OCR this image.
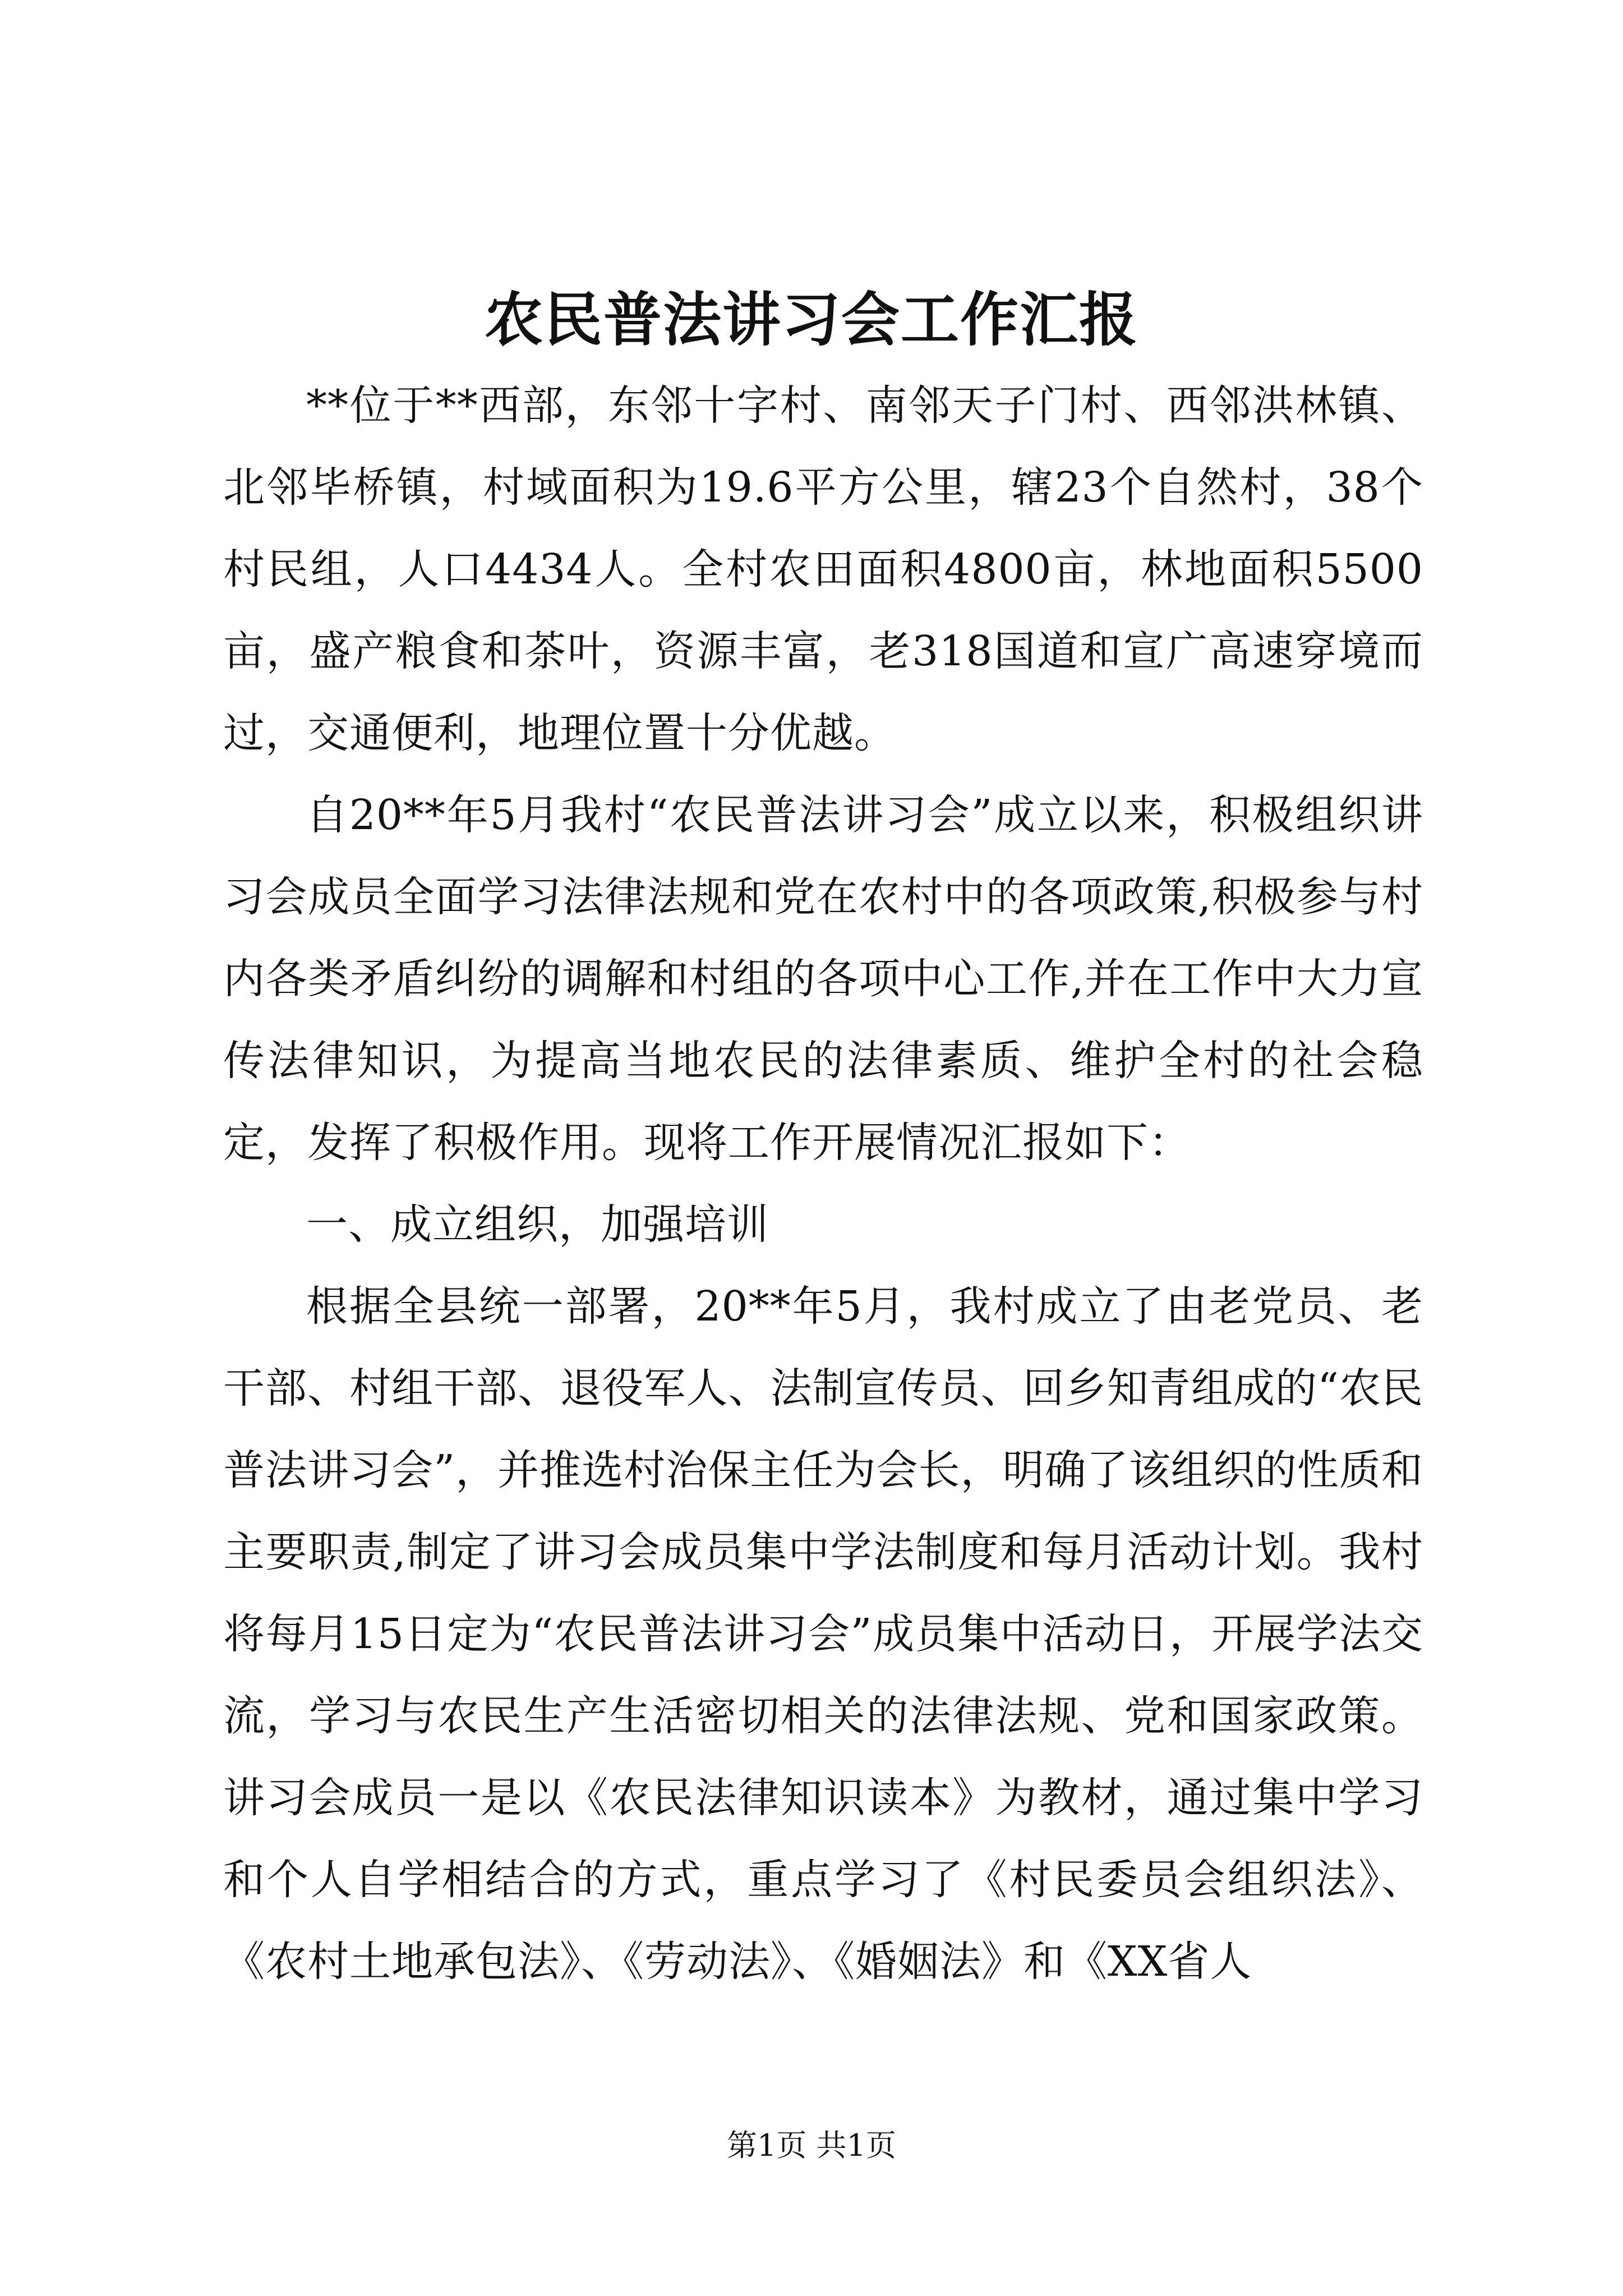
农民普法讲习会工作汇报

**位于**西部，东邻十字村、南邻天子门村、西邻洪林镇、北邻毕桥镇，村域面积为19.6平方公里，辖23个自然村，38个村民组，人口4434人。全村农田面积4800亩，林地面积5500亩，盛产粮食和茶叶，资源丰富，老318国道和宣广高速穿境而过，交通便利，地理位置十分优越。

自20**年5月我村“农民普法讲习会”成立以来，积极组织讲习会成员全面学习法律法规和党在农村中的各项政策,积极参与村内各类矛盾纠纷的调解和村组的各项中心工作,并在工作中大力宣传法律知识，为提高当地农民的法律素质、维护全村的社会稳定，发挥了积极作用。现将工作开展情况汇报如下：

一、成立组织，加强培训

根据全县统一部署，20**年5月，我村成立了由老党员、老干部、村组干部、退役军人、法制宣传员、回乡知青组成的“农民普法讲习会”，并推选村治保主任为会长，明确了该组织的性质和主要职责,制定了讲习会成员集中学法制度和每月活动计划。我村将每月15日定为“农民普法讲习会”成员集中活动日，开展学法交流，学习与农民生产生活密切相关的法律法规、党和国家政策。讲习会成员一是以《农民法律知识读本》为教材，通过集中学习和个人自学相结合的方式，重点学习了《村民委员会组织法》、《农村土地承包法》、《劳动法》、《婚姻法》和《XX省人

第1页 共1页
